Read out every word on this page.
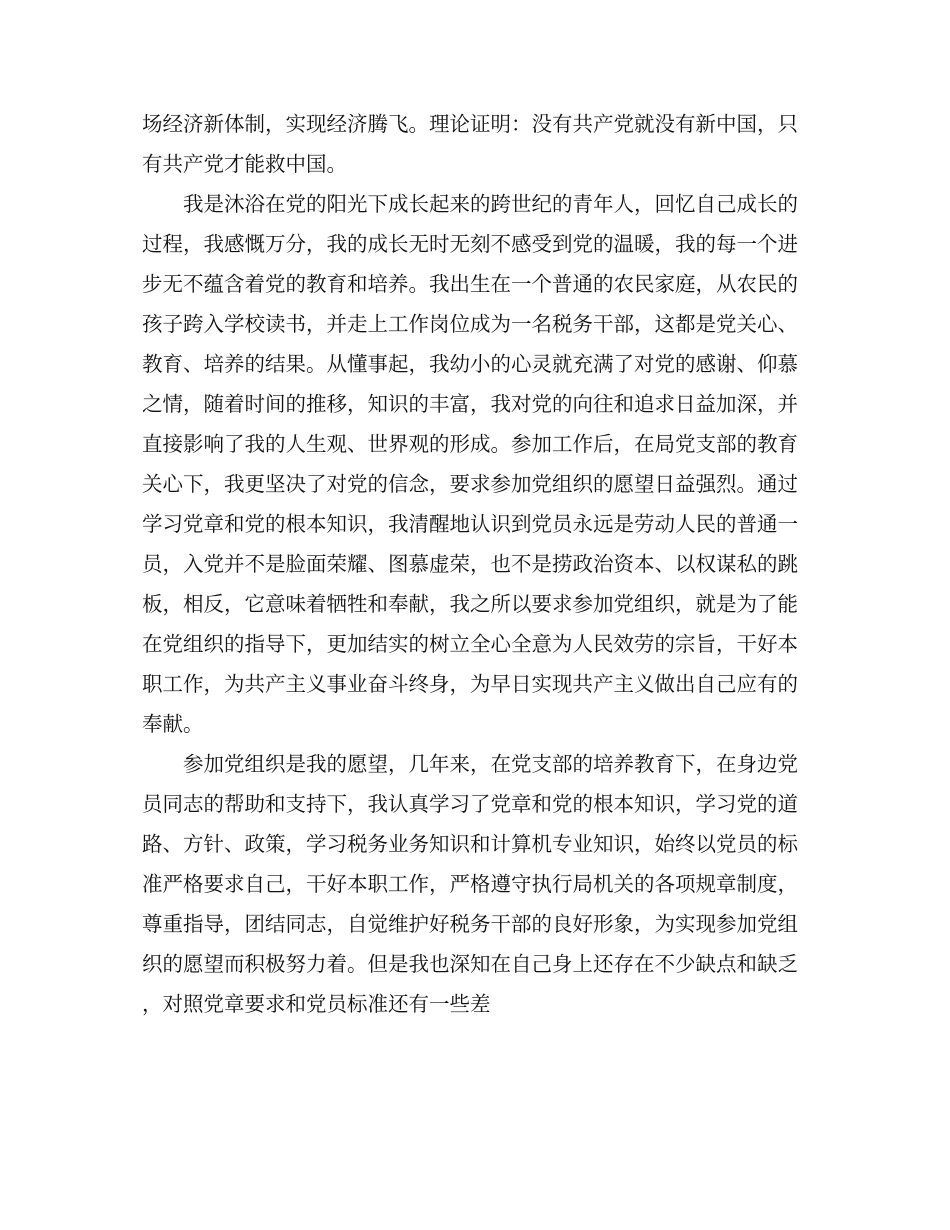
场经济新体制，实现经济腾飞。理论证明：没有共产党就没有新中国，只有共产党才能救中国。

我是沐浴在党的阳光下成长起来的跨世纪的青年人，回忆自己成长的过程，我感慨万分，我的成长无时无刻不感受到党的温暖，我的每一个进步无不蕴含着党的教育和培养。我出生在一个普通的农民家庭，从农民的孩子跨入学校读书，并走上工作岗位成为一名税务干部，这都是党关心、教育、培养的结果。从懂事起，我幼小的心灵就充满了对党的感谢、仰慕之情，随着时间的推移，知识的丰富，我对党的向往和追求日益加深，并直接影响了我的人生观、世界观的形成。参加工作后，在局党支部的教育关心下，我更坚决了对党的信念，要求参加党组织的愿望日益强烈。通过学习党章和党的根本知识，我清醒地认识到党员永远是劳动人民的普通一员，入党并不是脸面荣耀、图慕虚荣，也不是捞政治资本、以权谋私的跳板，相反，它意味着牺牲和奉献，我之所以要求参加党组织，就是为了能在党组织的指导下，更加结实的树立全心全意为人民效劳的宗旨，干好本职工作，为共产主义事业奋斗终身，为早日实现共产主义做出自己应有的奉献。

参加党组织是我的愿望，几年来，在党支部的培养教育下，在身边党员同志的帮助和支持下，我认真学习了党章和党的根本知识，学习党的道路、方针、政策，学习税务业务知识和计算机专业知识，始终以党员的标准严格要求自己，干好本职工作，严格遵守执行局机关的各项规章制度，尊重指导，团结同志，自觉维护好税务干部的良好形象，为实现参加党组织的愿望而积极努力着。但是我也深知在自己身上还存在不少缺点和缺乏，对照党章要求和党员标准还有一些差
